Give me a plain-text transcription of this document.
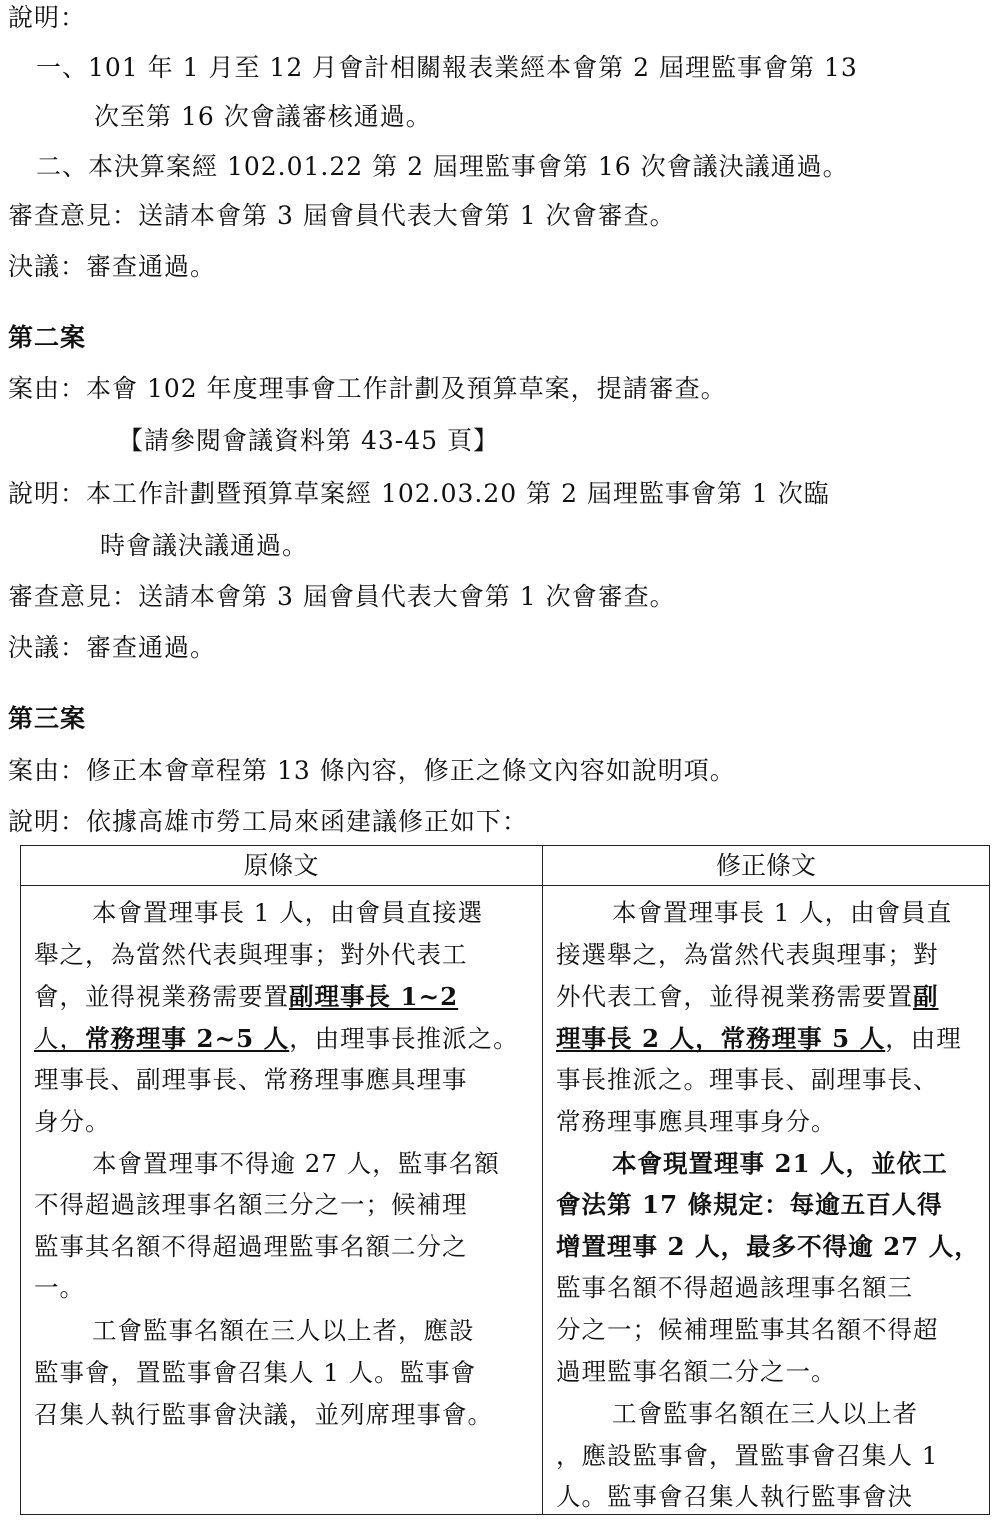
說明：
一、101 年 1 月至 12 月會計相關報表業經本會第 2 屆理監事會第 13
次至第 16 次會議審核通過。
二、本決算案經 102.01.22 第 2 屆理監事會第 16 次會議決議通過。
審查意見：送請本會第 3 屆會員代表大會第 1 次會審查。
決議：審查通過。
第二案
案由：本會 102 年度理事會工作計劃及預算草案，提請審查。
【請參閱會議資料第 43-45 頁】
說明：本工作計劃暨預算草案經 102.03.20 第 2 屆理監事會第 1 次臨
時會議決議通過。
審查意見：送請本會第 3 屆會員代表大會第 1 次會審查。
決議：審查通過。
第三案
案由：修正本會章程第 13 條內容，修正之條文內容如說明項。
說明：依據高雄市勞工局來函建議修正如下：
原條文	修正條文
本會置理事長 1 人，由會員直接選
舉之，為當然代表與理事；對外代表工
會，並得視業務需要置副理事長 1~2
人，常務理事 2~5 人，由理事長推派之。
理事長、副理事長、常務理事應具理事
身分。
本會置理事不得逾 27 人，監事名額
不得超過該理事名額三分之一；候補理
監事其名額不得超過理監事名額二分之
一。
工會監事名額在三人以上者，應設
監事會，置監事會召集人 1 人。監事會
召集人執行監事會決議，並列席理事會。
本會置理事長 1 人，由會員直
接選舉之，為當然代表與理事；對
外代表工會，並得視業務需要置副
理事長 2 人，常務理事 5 人，由理
事長推派之。理事長、副理事長、
常務理事應具理事身分。
本會現置理事 21 人，並依工
會法第 17 條規定：每逾五百人得
增置理事 2 人，最多不得逾 27 人，
監事名額不得超過該理事名額三
分之一；候補理監事其名額不得超
過理監事名額二分之一。
工會監事名額在三人以上者
，應設監事會，置監事會召集人 1
人。監事會召集人執行監事會決
